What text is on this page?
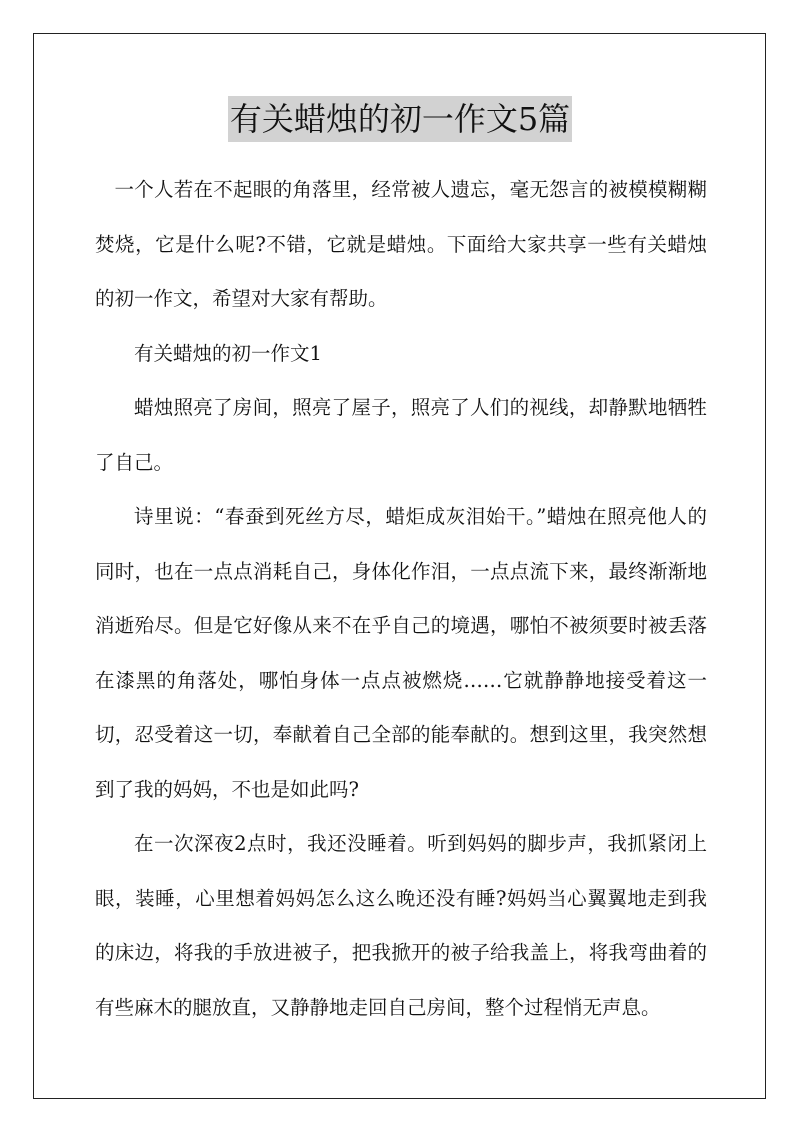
有关蜡烛的初一作文5篇

一个人若在不起眼的角落里，经常被人遗忘，毫无怨言的被模模糊糊焚烧，它是什么呢?不错，它就是蜡烛。下面给大家共享一些有关蜡烛的初一作文，希望对大家有帮助。

有关蜡烛的初一作文1

蜡烛照亮了房间，照亮了屋子，照亮了人们的视线，却静默地牺牲了自己。

诗里说：“春蚕到死丝方尽，蜡炬成灰泪始干。”蜡烛在照亮他人的同时，也在一点点消耗自己，身体化作泪，一点点流下来，最终渐渐地消逝殆尽。但是它好像从来不在乎自己的境遇，哪怕不被须要时被丢落在漆黑的角落处，哪怕身体一点点被燃烧……它就静静地接受着这一切，忍受着这一切，奉献着自己全部的能奉献的。想到这里，我突然想到了我的妈妈，不也是如此吗?

在一次深夜2点时，我还没睡着。听到妈妈的脚步声，我抓紧闭上眼，装睡，心里想着妈妈怎么这么晚还没有睡?妈妈当心翼翼地走到我的床边，将我的手放进被子，把我掀开的被子给我盖上，将我弯曲着的有些麻木的腿放直，又静静地走回自己房间，整个过程悄无声息。
